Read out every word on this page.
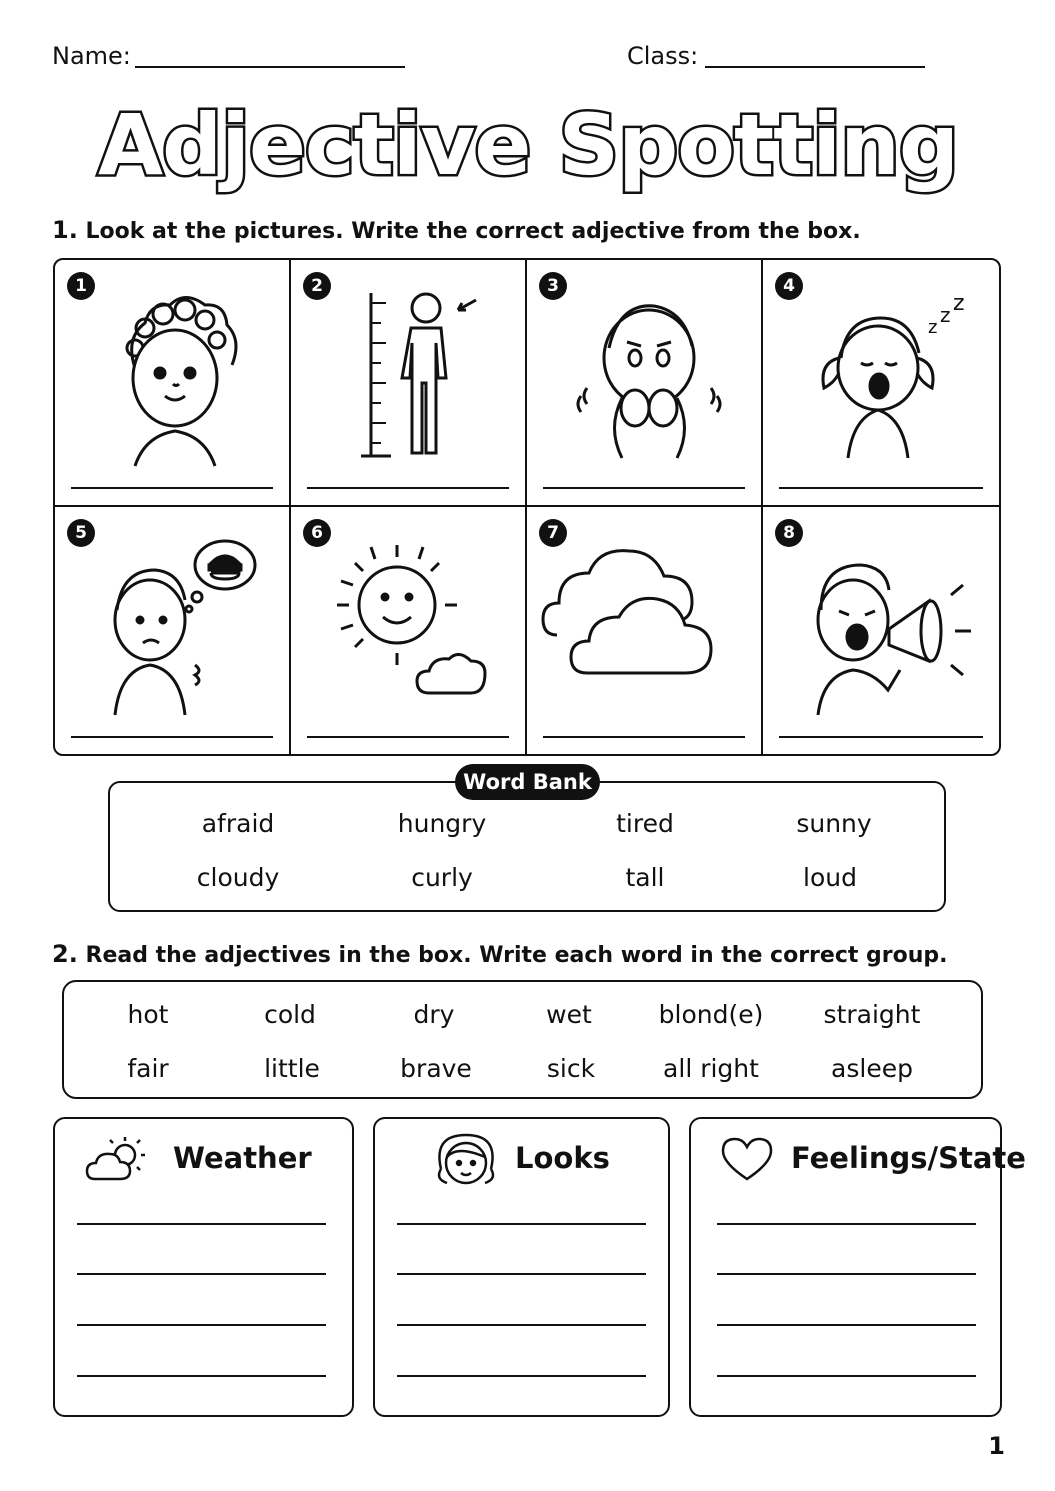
Name:	Class:
Adjective Spotting
1. Look at the pictures. Write the correct adjective from the box.
1	2	3	4
z
z z
5	6	7	8
afraid	hungry	tired	sunny
cloudy	curly	tall	loud
Word Bank
2. Read the adjectives in the box. Write each word in the correct group.
hot	cold	dry	wet	blond(e) straight
fair	little	brave	sick	all right	asleep
Weather	Looks	Feelings/State
1
